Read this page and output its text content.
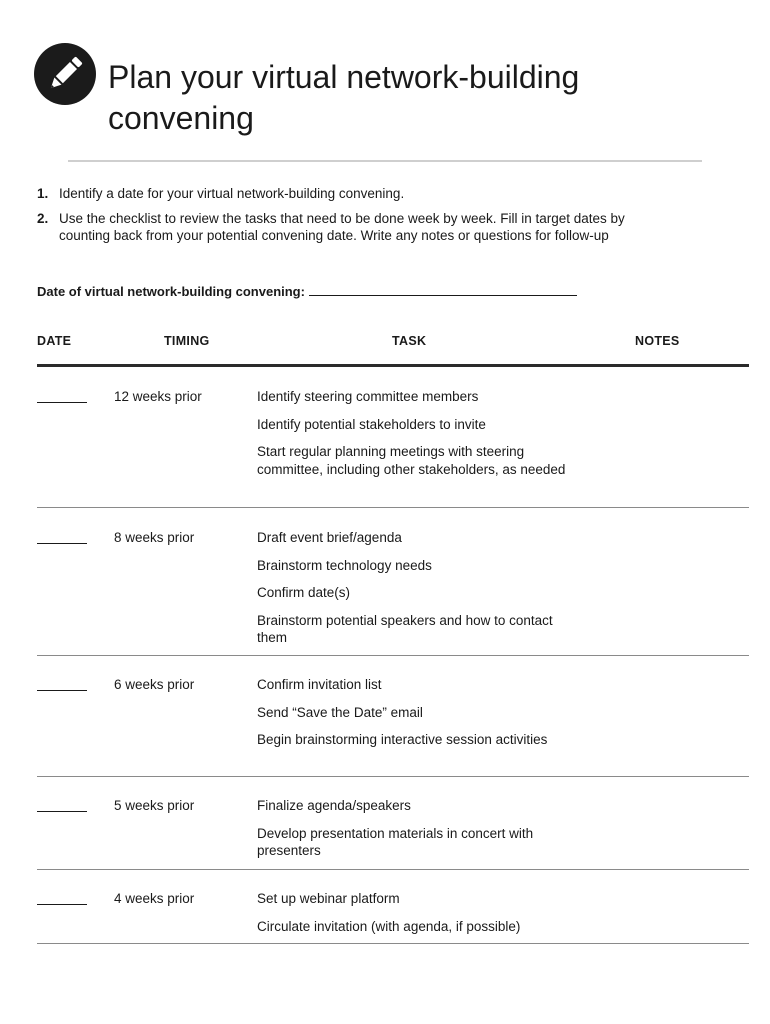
Plan your virtual network-building
convening
1. Identify a date for your virtual network-building convening.
2. Use the checklist to review the tasks that need to be done week by week. Fill in target dates by counting back from your potential convening date. Write any notes or questions for follow-up
Date of virtual network-building convening:
DATE	TIMING	TASK	NOTES
12 weeks prior	Identify steering committee members
Identify potential stakeholders to invite
Start regular planning meetings with steering committee, including other stakeholders, as needed
8 weeks prior	Draft event brief/agenda
Brainstorm technology needs
Confirm date(s)
Brainstorm potential speakers and how to contact them
6 weeks prior	Confirm invitation list
Send “Save the Date” email
Begin brainstorming interactive session activities
5 weeks prior	Finalize agenda/speakers
Develop presentation materials in concert with presenters
4 weeks prior	Set up webinar platform
Circulate invitation (with agenda, if possible)
